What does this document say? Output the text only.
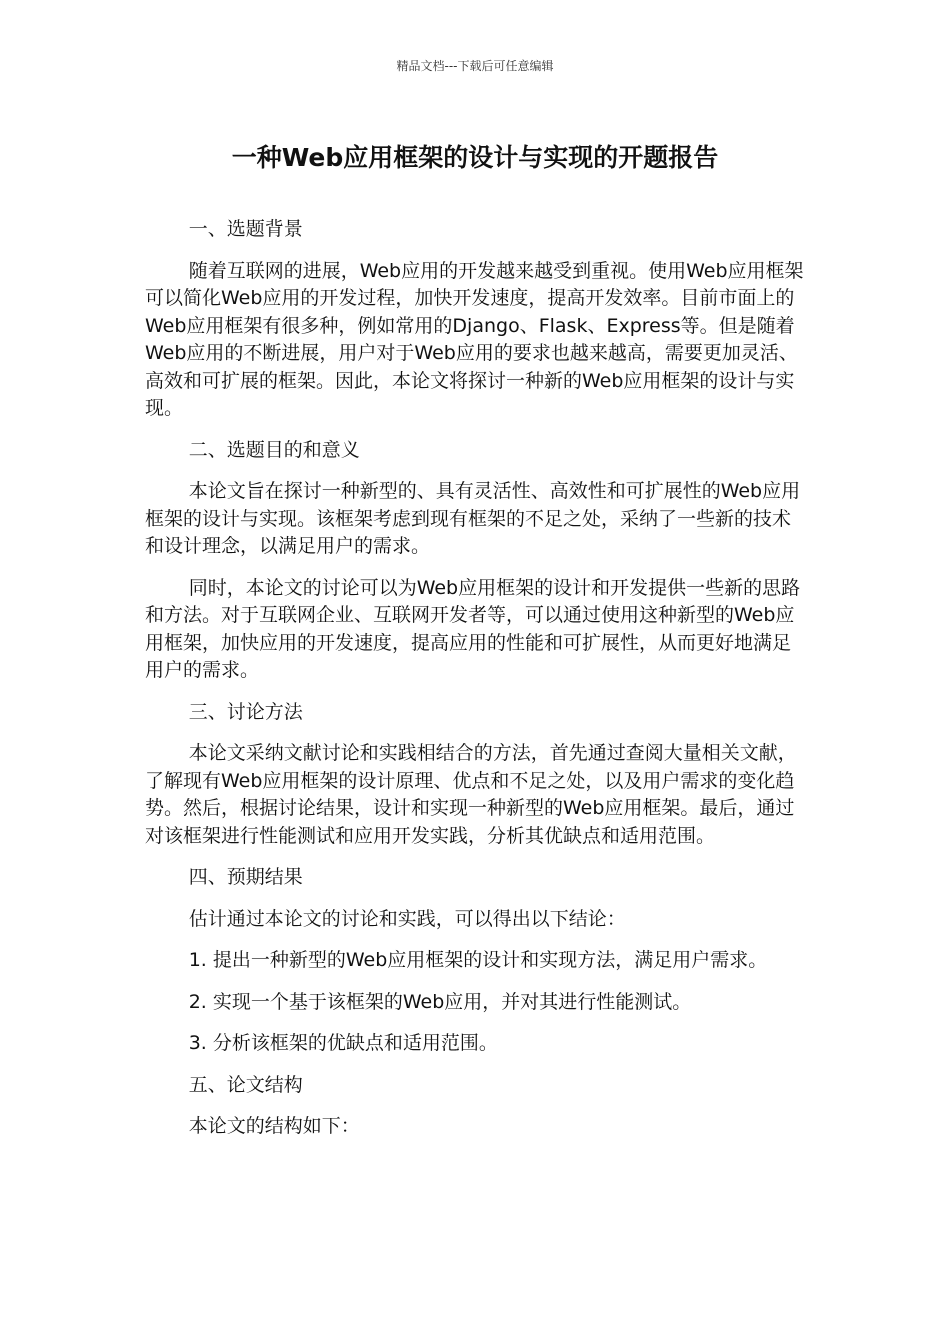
精品文档---下载后可任意编辑
一种Web应用框架的设计与实现的开题报告

一、选题背景

随着互联网的进展，Web应用的开发越来越受到重视。使用Web应用框架可以简化Web应用的开发过程，加快开发速度，提高开发效率。目前市面上的Web应用框架有很多种，例如常用的Django、Flask、Express等。但是随着Web应用的不断进展，用户对于Web应用的要求也越来越高，需要更加灵活、高效和可扩展的框架。因此，本论文将探讨一种新的Web应用框架的设计与实现。

二、选题目的和意义

本论文旨在探讨一种新型的、具有灵活性、高效性和可扩展性的Web应用框架的设计与实现。该框架考虑到现有框架的不足之处，采纳了一些新的技术和设计理念，以满足用户的需求。

同时，本论文的讨论可以为Web应用框架的设计和开发提供一些新的思路和方法。对于互联网企业、互联网开发者等，可以通过使用这种新型的Web应用框架，加快应用的开发速度，提高应用的性能和可扩展性，从而更好地满足用户的需求。

三、讨论方法

本论文采纳文献讨论和实践相结合的方法，首先通过查阅大量相关文献，了解现有Web应用框架的设计原理、优点和不足之处，以及用户需求的变化趋势。然后，根据讨论结果，设计和实现一种新型的Web应用框架。最后，通过对该框架进行性能测试和应用开发实践，分析其优缺点和适用范围。

四、预期结果

估计通过本论文的讨论和实践，可以得出以下结论：

1. 提出一种新型的Web应用框架的设计和实现方法，满足用户需求。

2. 实现一个基于该框架的Web应用，并对其进行性能测试。

3. 分析该框架的优缺点和适用范围。

五、论文结构

本论文的结构如下：
